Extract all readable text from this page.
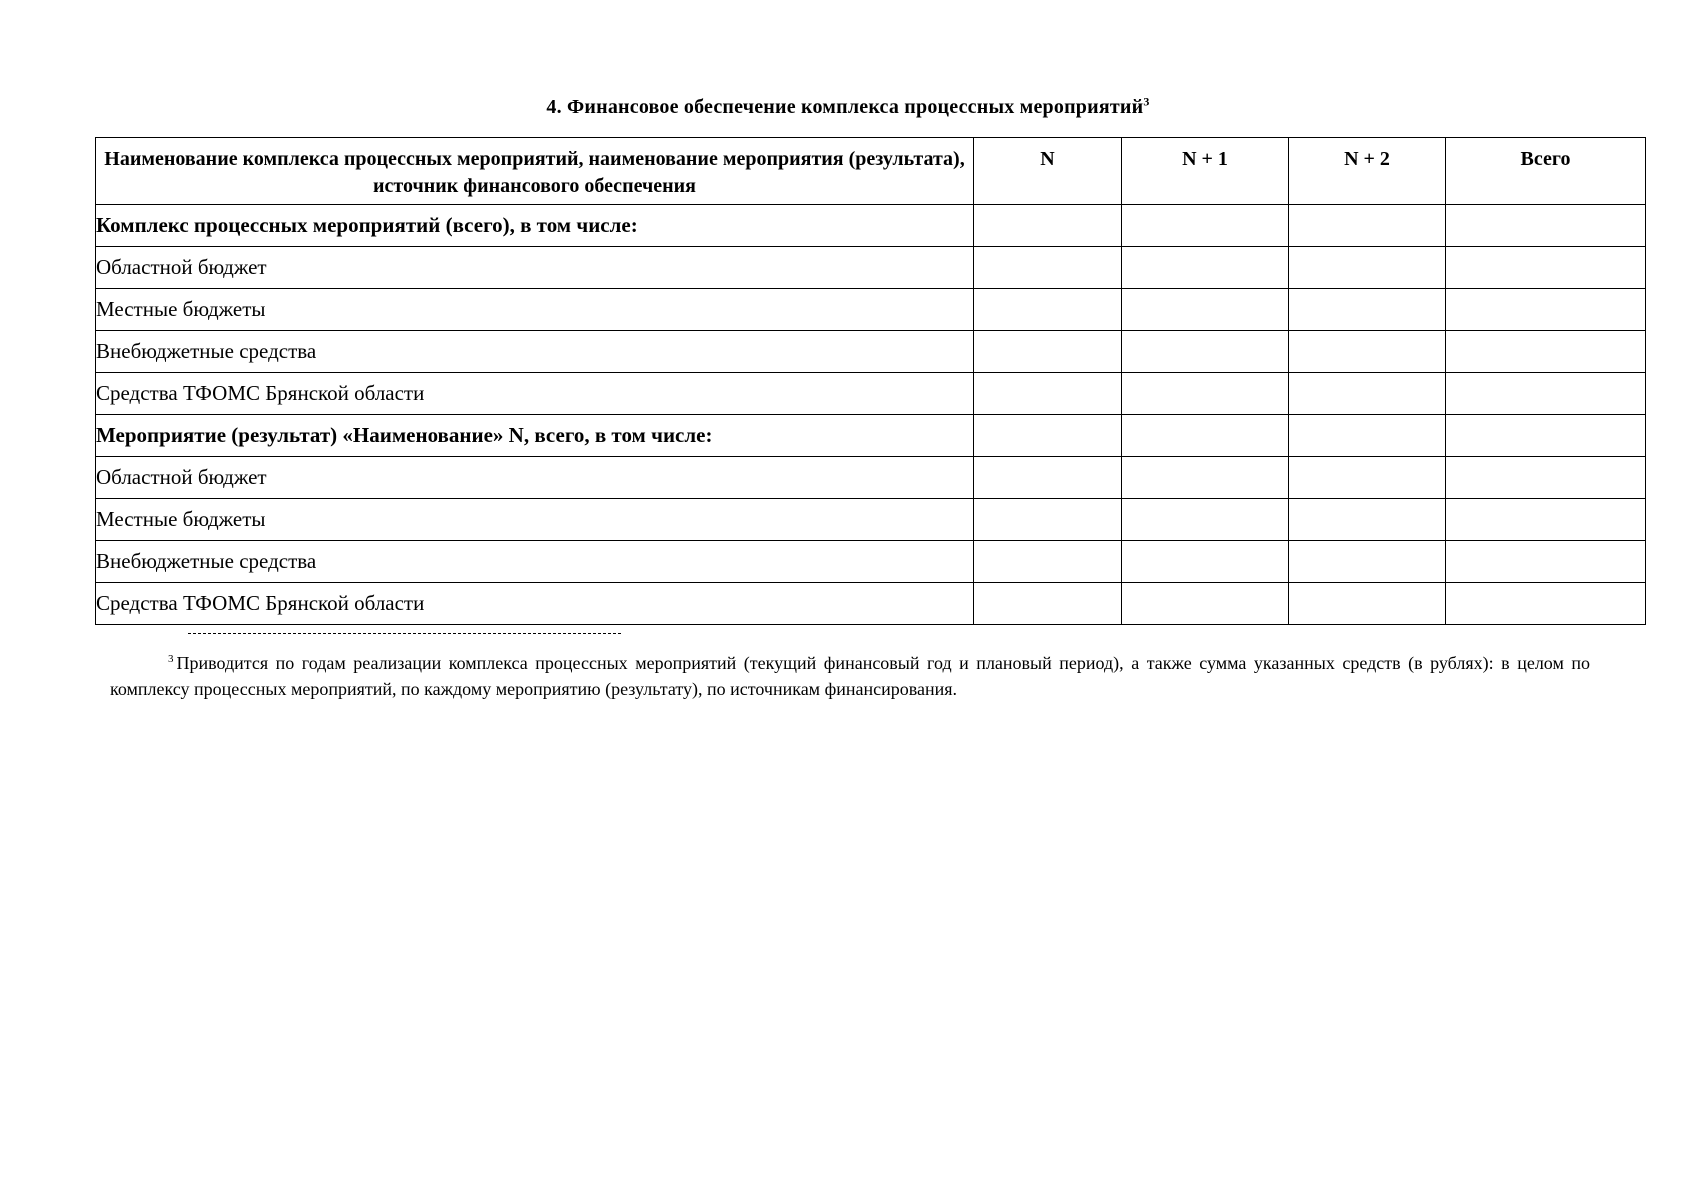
4. Финансовое обеспечение комплекса процессных мероприятий$^3$
Наименование комплекса процессных мероприятий, наименование мероприятия (результата), источник финансового обеспечения	N	N + 1	N + 2	Всего
Комплекс процессных мероприятий (всего), в том числе:				
Областной бюджет				
Местные бюджеты				
Внебюджетные средства				
Средства ТФОМС Брянской области				
Мероприятие (результат) «Наименование» N, всего, в том числе:				
Областной бюджет				
Местные бюджеты				
Внебюджетные средства				
Средства ТФОМС Брянской области				

$^3$ Приводится по годам реализации комплекса процессных мероприятий (текущий финансовый год и плановый период), а также сумма указанных средств (в рублях): в целом по комплексу процессных мероприятий, по каждому мероприятию (результату), по источникам финансирования.
